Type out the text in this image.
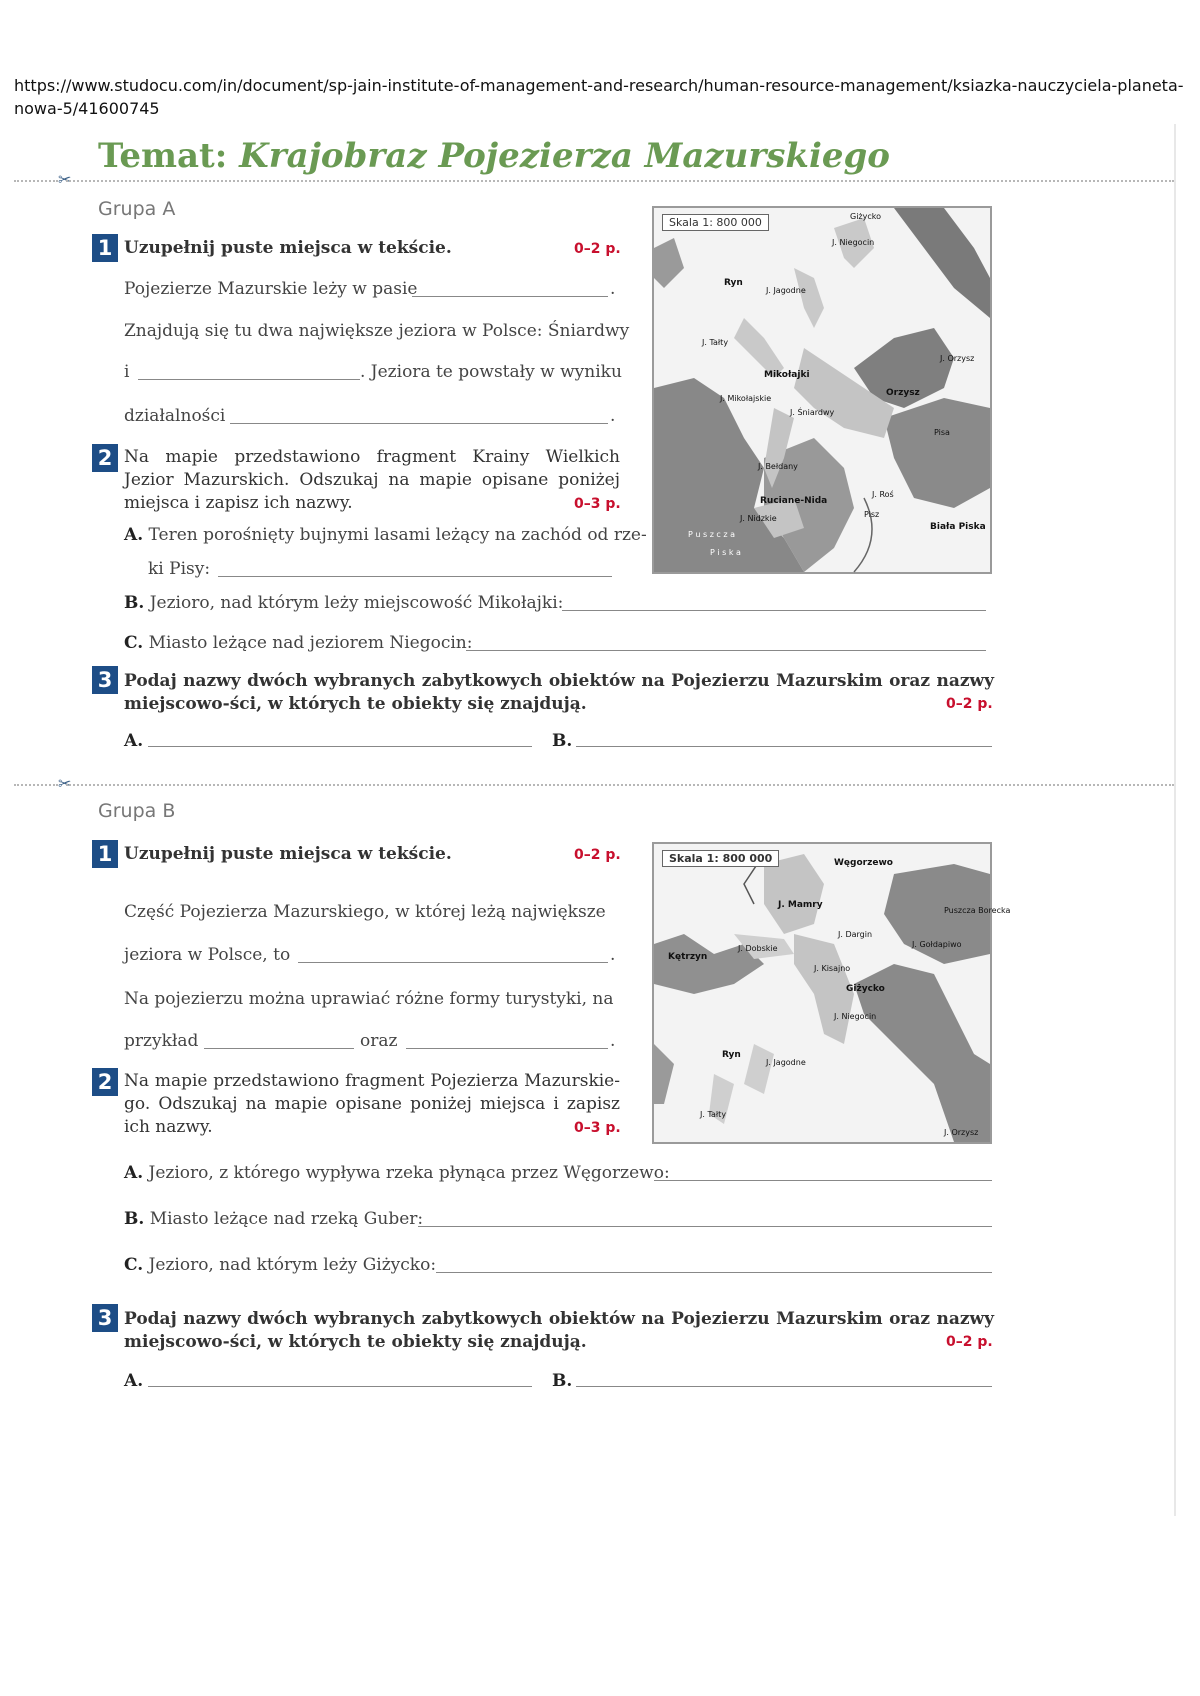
https://www.studocu.com/in/document/sp-jain-institute-of-management-and-research/human-resource-management/ksiazka-nauczyciela-planeta-nowa-5/41600745
Temat: Krajobraz Pojezierza Mazurskiego
✂
Grupa A
1 Uzupełnij puste miejsca w tekście.	0–2 p.
Pojezierze Mazurskie leży w pasie	.
Znajdują się tu dwa największe jeziora w Polsce: Śniardwy
i	. Jeziora te powstały w wyniku
działalności	.
2 Na mapie przedstawiono fragment Krainy Wielkich Jezior Mazurskich. Odszukaj na mapie opisane poniżej miejsca i zapisz ich nazwy.	0–3 p.
A. Teren porośnięty bujnymi lasami leżący na zachód od rze-
ki Pisy:
B. Jezioro, nad którym leży miejscowość Mikołajki:
C. Miasto leżące nad jeziorem Niegocin:
3 Podaj nazwy dwóch wybranych zabytkowych obiektów na Pojezierzu Mazurskim oraz nazwy miejscowo-ści, w których te obiekty się znajdują.	0–2 p.
A.	B.
Skala 1: 800 000	Giżycko
J. Niegocin
Ryn
J. Jagodne
J. Tałty
J. Orzysz
Mikołajki
Orzysz
J. Mikołajskie
J. Śniardwy
Pisa
J. Bełdany
J. Roś
Ruciane-Nida
Pisz
J. Nidzkie
Biała Piska
P u s z c z a
P i s k a
✂
Grupa B
1 Uzupełnij puste miejsca w tekście.	0–2 p.
Część Pojezierza Mazurskiego, w której leżą największe
jeziora w Polsce, to	.
Na pojezierzu można uprawiać różne formy turystyki, na
przykład	oraz	.
2 Na mapie przedstawiono fragment Pojezierza Mazurskie-go. Odszukaj na mapie opisane poniżej miejsca i zapisz ich nazwy.	0–3 p.
A. Jezioro, z którego wypływa rzeka płynąca przez Węgorzewo:
B. Miasto leżące nad rzeką Guber:
C. Jezioro, nad którym leży Giżycko:
3 Podaj nazwy dwóch wybranych zabytkowych obiektów na Pojezierzu Mazurskim oraz nazwy miejscowo-ści, w których te obiekty się znajdują.	0–2 p.
A.	B.
Skala 1: 800 000	Węgorzewo
J. Mamry
Puszcza Borecka
J. Dargin
J. Dobskie	J. Gołdapiwo
Kętrzyn
J. Kisajno
Giżycko
J. Niegocin
Ryn
J. Jagodne
J. Tałty
J. Orzysz
